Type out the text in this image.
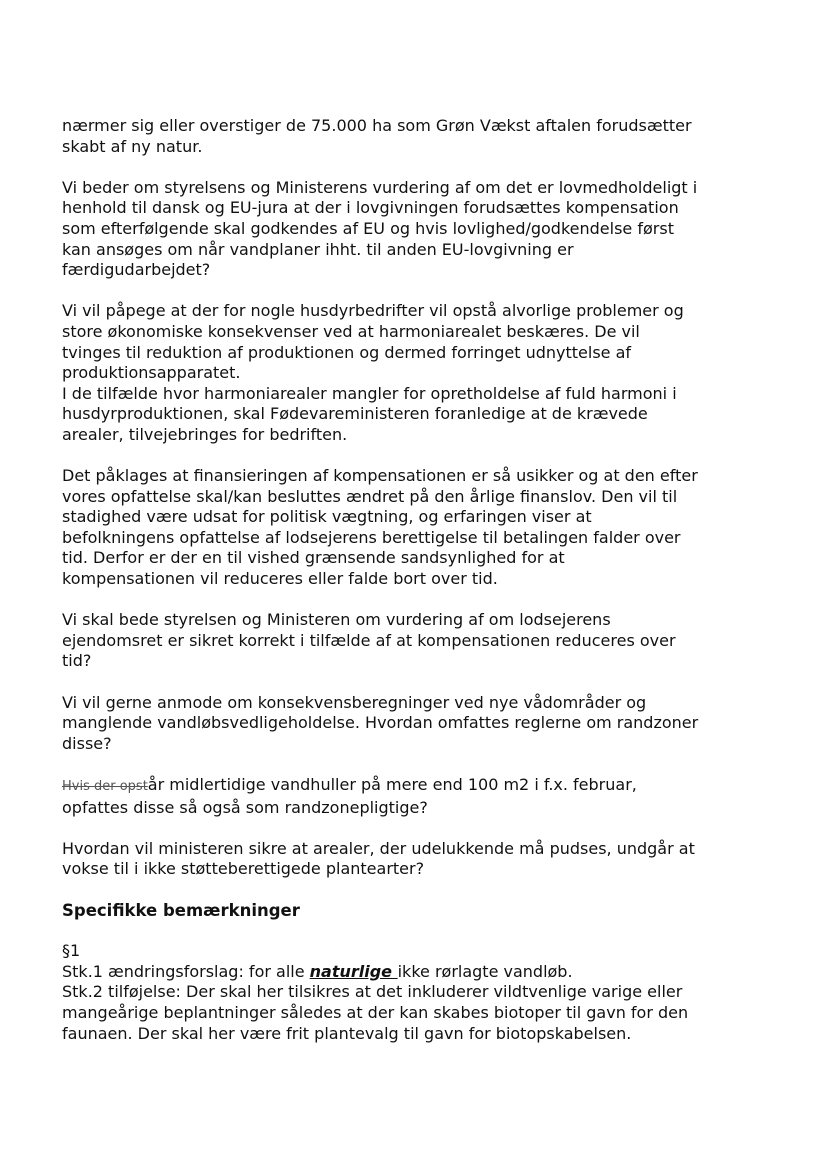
nærmer sig eller overstiger de 75.000 ha som Grøn Vækst aftalen forudsætter
skabt af ny natur.

Vi beder om styrelsens og Ministerens vurdering af om det er lovmedholdeligt i
henhold til dansk og EU-jura at der i lovgivningen forudsættes kompensation
som efterfølgende skal godkendes af EU og hvis lovlighed/godkendelse først
kan ansøges om når vandplaner ihht. til anden EU-lovgivning er
færdigudarbejdet?

Vi vil påpege at der for nogle husdyrbedrifter vil opstå alvorlige problemer og
store økonomiske konsekvenser ved at harmoniarealet beskæres. De vil
tvinges til reduktion af produktionen og dermed forringet udnyttelse af
produktionsapparatet.
I de tilfælde hvor harmoniarealer mangler for opretholdelse af fuld harmoni i
husdyrproduktionen, skal Fødevareministeren foranledige at de krævede
arealer, tilvejebringes for bedriften.

Det påklages at finansieringen af kompensationen er så usikker og at den efter
vores opfattelse skal/kan besluttes ændret på den årlige finanslov. Den vil til
stadighed være udsat for politisk vægtning, og erfaringen viser at
befolkningens opfattelse af lodsejerens berettigelse til betalingen falder over
tid. Derfor er der en til vished grænsende sandsynlighed for at
kompensationen vil reduceres eller falde bort over tid.

Vi skal bede styrelsen og Ministeren om vurdering af om lodsejerens
ejendomsret er sikret korrekt i tilfælde af at kompensationen reduceres over
tid?

Vi vil gerne anmode om konsekvensberegninger ved nye vådområder og
manglende vandløbsvedligeholdelse. Hvordan omfattes reglerne om randzoner
disse?

Hvis der opstår midlertidige vandhuller på mere end 100 m2 i f.x. februar,
opfattes disse så også som randzonepligtige?

Hvordan vil ministeren sikre at arealer, der udelukkende må pudses, undgår at
vokse til i ikke støtteberettigede plantearter?

Specifikke bemærkninger

§1
Stk.1 ændringsforslag: for alle naturlige ikke rørlagte vandløb.
Stk.2 tilføjelse: Der skal her tilsikres at det inkluderer vildtvenlige varige eller
mangeårige beplantninger således at der kan skabes biotoper til gavn for den
faunaen. Der skal her være frit plantevalg til gavn for biotopskabelsen.
